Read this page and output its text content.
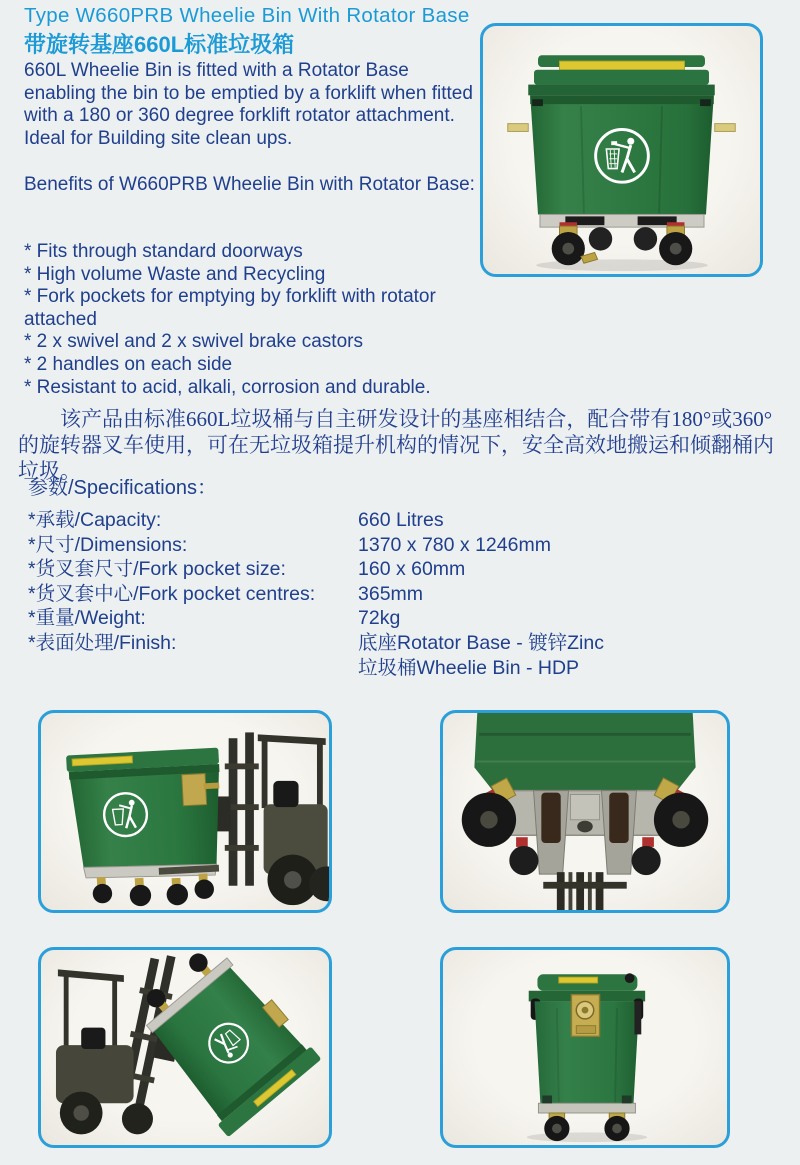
Type W660PRB Wheelie Bin With Rotator Base
带旋转基座660L标准垃圾箱
660L Wheelie Bin is fitted with a Rotator Base enabling the bin to be emptied by a forklift when fitted with a 180 or 360 degree forklift rotator attachment. Ideal for Building site clean ups.
Benefits of W660PRB Wheelie Bin with Rotator Base:

* Fits through standard doorways

* High volume Waste and Recycling

* Fork pockets for emptying by forklift with rotator attached

* 2 x swivel and 2 x swivel brake castors

* 2 handles on each side

* Resistant to acid, alkali, corrosion and durable.

该产品由标准660L垃圾桶与自主研发设计的基座相结合，配合带有180°或360°的旋转器叉车使用，可在无垃圾箱提升机构的情况下，安全高效地搬运和倾翻桶内垃圾。
参数/Specifications：
*承载/Capacity:	660 Litres
*尺寸/Dimensions:	1370 x 780 x 1246mm
*货叉套尺寸/Fork pocket size:	160 x 60mm
*货叉套中心/Fork pocket centres:	365mm
*重量/Weight:	72kg
*表面处理/Finish:	底座Rotator Base - 镀锌Zinc
垃圾桶Wheelie Bin - HDP
